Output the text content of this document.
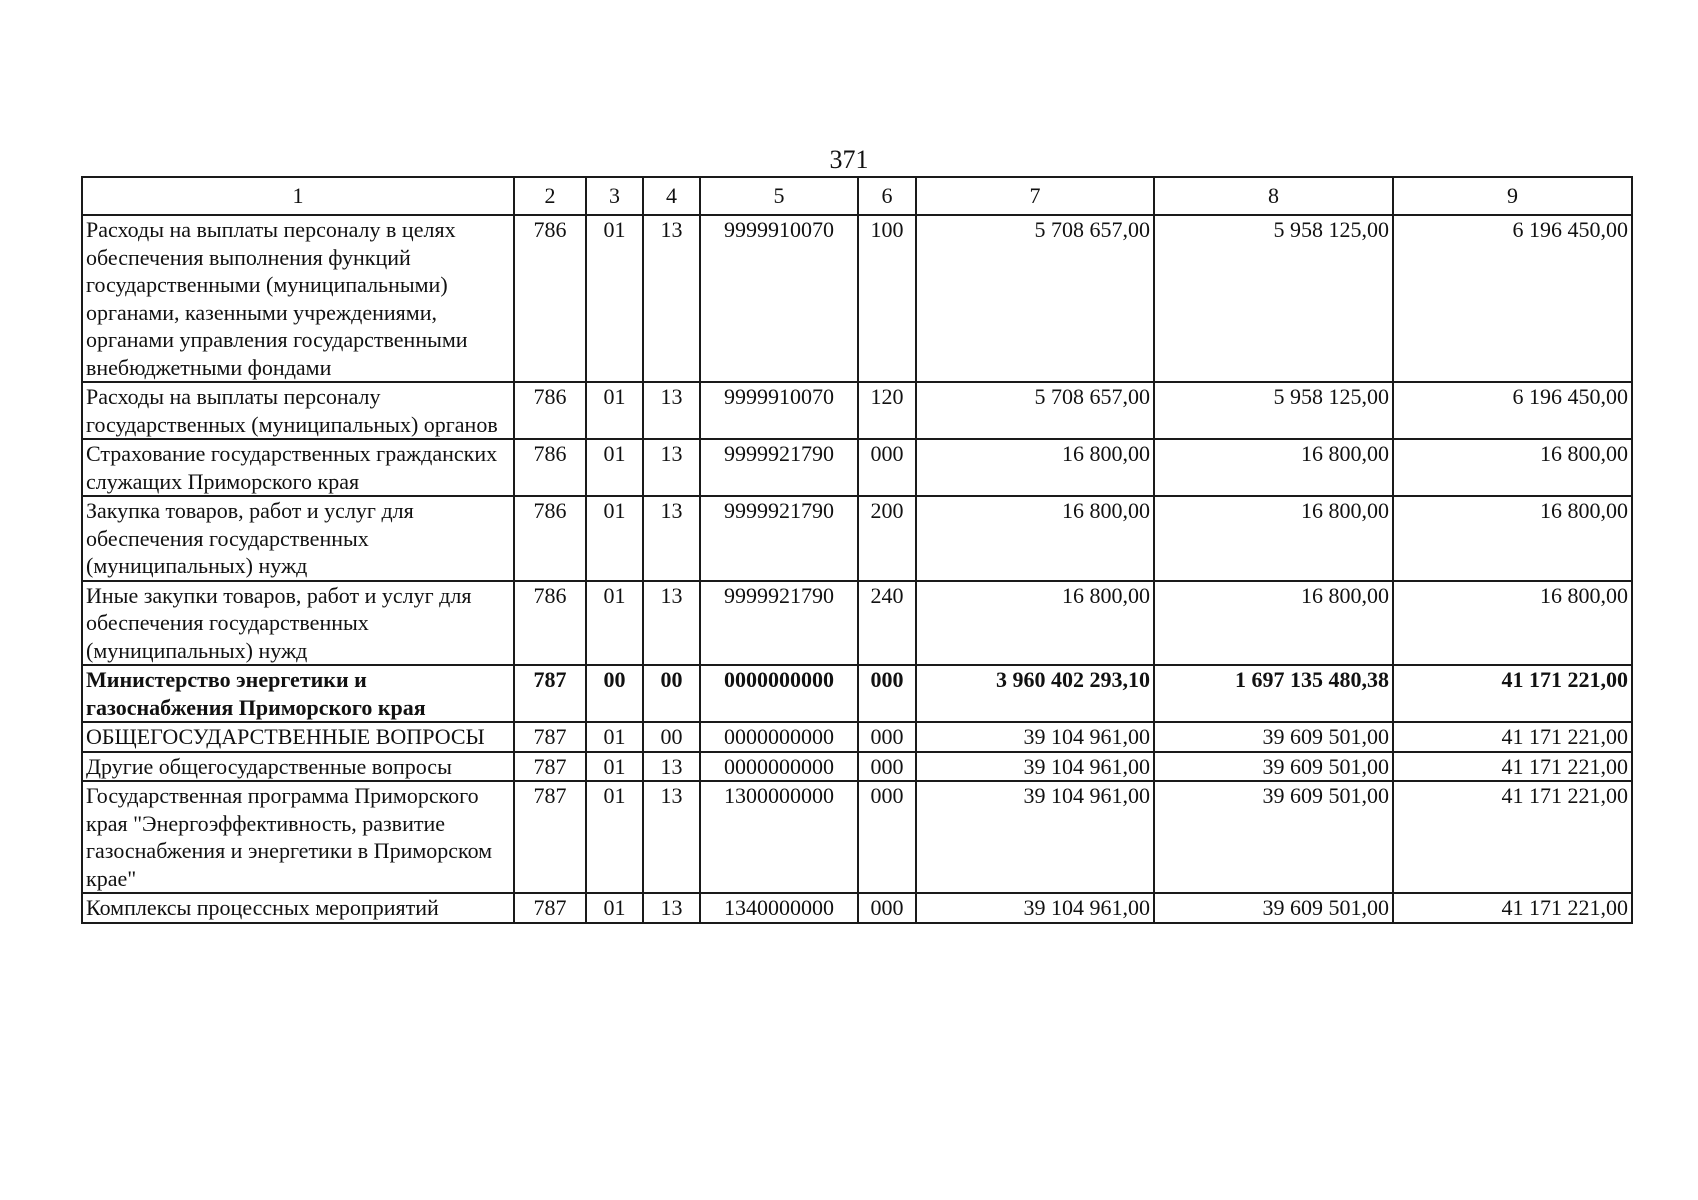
371
1	2	3	4	5	6	7	8	9
Расходы на выплаты персоналу в целях обеспечения выполнения функций государственными (муниципальными) органами, казенными учреждениями, органами управления государственными внебюджетными фондами	786	01	13	9999910070	100	5 708 657,00	5 958 125,00	6 196 450,00
Расходы на выплаты персоналу государственных (муниципальных) органов	786	01	13	9999910070	120	5 708 657,00	5 958 125,00	6 196 450,00
Страхование государственных гражданских служащих Приморского края	786	01	13	9999921790	000	16 800,00	16 800,00	16 800,00
Закупка товаров, работ и услуг для обеспечения государственных (муниципальных) нужд	786	01	13	9999921790	200	16 800,00	16 800,00	16 800,00
Иные закупки товаров, работ и услуг для обеспечения государственных (муниципальных) нужд	786	01	13	9999921790	240	16 800,00	16 800,00	16 800,00
Министерство энергетики и газоснабжения Приморского края	787	00	00	0000000000	000	3 960 402 293,10	1 697 135 480,38	41 171 221,00
ОБЩЕГОСУДАРСТВЕННЫЕ ВОПРОСЫ	787	01	00	0000000000	000	39 104 961,00	39 609 501,00	41 171 221,00
Другие общегосударственные вопросы	787	01	13	0000000000	000	39 104 961,00	39 609 501,00	41 171 221,00
Государственная программа Приморского края "Энергоэффективность, развитие газоснабжения и энергетики в Приморском крае"	787	01	13	1300000000	000	39 104 961,00	39 609 501,00	41 171 221,00
Комплексы процессных мероприятий	787	01	13	1340000000	000	39 104 961,00	39 609 501,00	41 171 221,00
